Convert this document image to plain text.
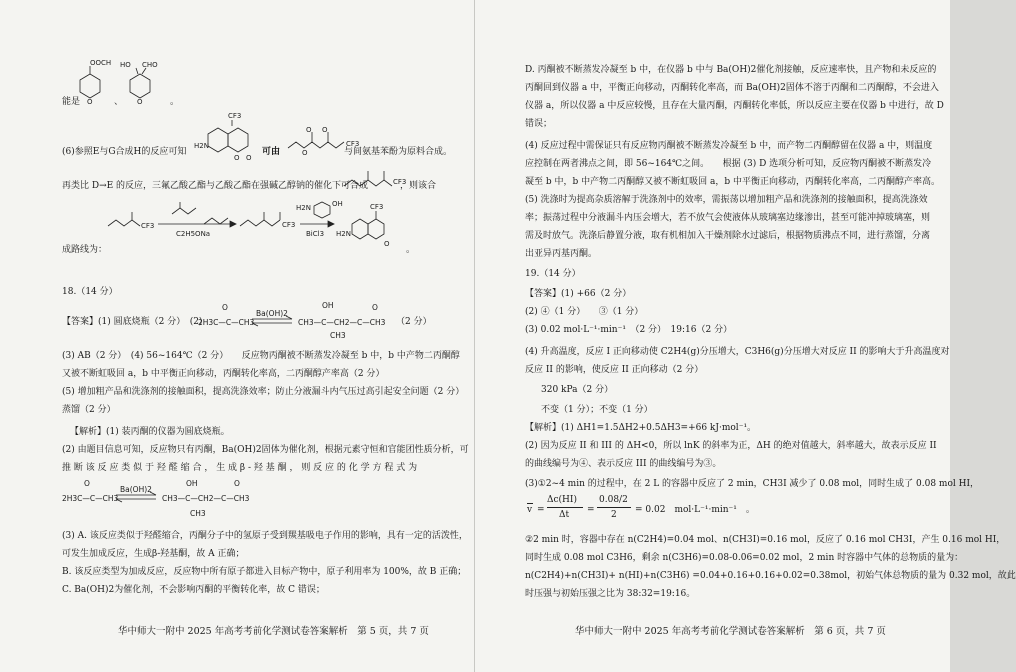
OOCH
O
HO CHO
O
能是	、	。
(6)参照E与G合成H的反应可知
CF3
H2N
O O
可由
O O
O
CF3
与间氨基苯酚为原料合成。
再类比 D→E 的反应，三氟乙酸乙酯与乙酸乙酯在强碱乙醇钠的催化下可合成	CF3
，则该合
CF3
C2H5ONa
CF3
BiCl3
H2N	OH	CF3
H2N
O
成路线为：	。
18.（14 分）
【答案】(1) 圆底烧瓶（2 分）　(2)
O
2H3C—C—CH3
Ba(OH)2
OH	O
CH3—C—CH2—C—CH3
CH3
（2 分）
(3) AB（2 分）　(4) 56~164℃（2 分）　　反应物丙酮被不断蒸发冷凝至 b 中，b 中产物二丙酮醇
又被不断虹吸回 a，b 中平衡正向移动，丙酮转化率高，二丙酮醇产率高（2 分）
(5) 增加粗产品和洗涤剂的接触面积，提高洗涤效率；防止分液漏斗内气压过高引起安全问题（2 分）
蒸馏（2 分）
【解析】(1) 装丙酮的仪器为圆底烧瓶。
(2) 由题目信息可知，反应物只有丙酮，Ba(OH)2固体为催化剂，根据元素守恒和官能团性质分析，可
推 断 该 反 应 类 似 于 羟 醛 缩 合 ， 生 成 β - 羟 基 酮 ， 则 反 应 的 化 学 方 程 式 为
O
2H3C—C—CH3
Ba(OH)2
OH	O
CH3—C—CH2—C—CH3
CH3
(3) A. 该反应类似于羟醛缩合，丙酮分子中的氢原子受到羰基吸电子作用的影响，具有一定的活泼性，
可发生加成反应，生成β-羟基酮，故 A 正确；
B. 该反应类型为加成反应，反应物中所有原子都进入目标产物中，原子利用率为 100%，故 B 正确；
C. Ba(OH)2为催化剂，不会影响丙酮的平衡转化率，故 C 错误；
华中师大一附中 2025 年高考考前化学测试卷答案解析　第 5 页，共 7 页
D. 丙酮被不断蒸发冷凝至 b 中，在仪器 b 中与 Ba(OH)2催化剂接触，反应速率快，且产物和未反应的
丙酮回到仪器 a 中，平衡正向移动，丙酮转化率高，而 Ba(OH)2固体不溶于丙酮和二丙酮醇，不会进入
仪器 a，所以仪器 a 中反应较慢，且存在大量丙酮，丙酮转化率低，所以反应主要在仪器 b 中进行，故 D
错误；
(4) 反应过程中需保证只有反应物丙酮被不断蒸发冷凝至 b 中，而产物二丙酮醇留在仪器 a 中，则温度
应控制在两者沸点之间，即 56~164℃之间。　　根据 (3) D 选项分析可知，反应物丙酮被不断蒸发冷
凝至 b 中，b 中产物二丙酮醇又被不断虹吸回 a，b 中平衡正向移动，丙酮转化率高，二丙酮醇产率高。
(5) 洗涤时为提高杂质溶解于洗涤剂中的效率，需振荡以增加粗产品和洗涤剂的接触面积，提高洗涤效
率；振荡过程中分液漏斗内压会增大，若不放气会使液体从玻璃塞边缘渗出，甚至可能冲掉玻璃塞，则
需及时放气。洗涤后静置分液，取有机相加入干燥剂除水过滤后，根据物质沸点不同，进行蒸馏，分离
出亚异丙基丙酮。
19.（14 分）
【答案】(1) +66（2 分）
(2) ④（1 分）　　③（1 分）
(3) 0.02 mol·L⁻¹·min⁻¹　（2 分）　19:16（2 分）
(4) 升高温度，反应 I 正向移动使 C2H4(g)分压增大，C3H6(g)分压增大对反应 II 的影响大于升高温度对
反应 II 的影响，使反应 II 正向移动（2 分）
320 kPa（2 分）
不变（1 分）；不变（1 分）
【解析】(1) ΔH1=1.5ΔH2+0.5ΔH3=+66 kJ·mol⁻¹。
(2) 因为反应 II 和 III 的 ΔH<0，所以 lnK 的斜率为正，ΔH 的绝对值越大，斜率越大，故表示反应 II
的曲线编号为④、表示反应 III 的曲线编号为③。
(3)①2~4 min 的过程中，在 2 L 的容器中反应了 2 min，CH3I 减少了 0.08 mol，同时生成了 0.08 mol HI，
v =
Δc(HI)
Δt =
0.08/2
2 = 0.02　mol·L⁻¹·min⁻¹　。
②2 min 时，容器中存在 n(C2H4)=0.04 mol、n(CH3I)=0.16 mol，反应了 0.16 mol CH3I，产生 0.16 mol HI，
同时生成 0.08 mol C3H6，剩余 n(C3H6)=0.08-0.06=0.02 mol，2 min 时容器中气体的总物质的量为：
n(C2H4)+n(CH3I)+ n(HI)+n(C3H6) =0.04+0.16+0.16+0.02=0.38mol，初始气体总物质的量为 0.32 mol，故此
时压强与初始压强之比为 38:32=19:16。
华中师大一附中 2025 年高考考前化学测试卷答案解析　第 6 页，共 7 页
